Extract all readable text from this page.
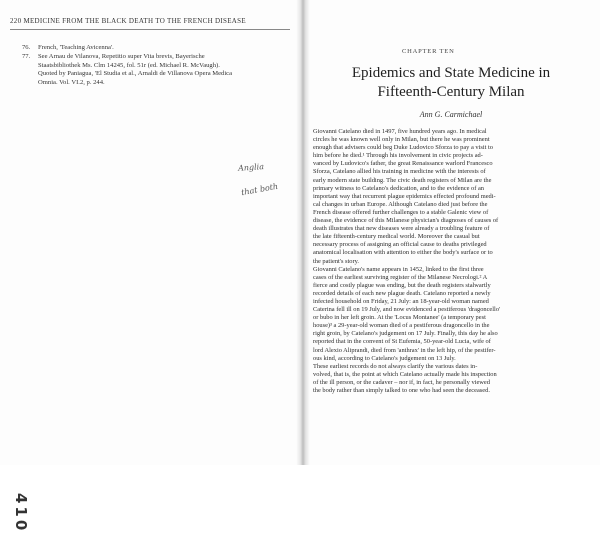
220 MEDICINE FROM THE BLACK DEATH TO THE FRENCH DISEASE
76. French, 'Teaching Avicenna'.
77. See Arnau de Vilanova, Repetitio super Vita brevis, Bayerische
Staatsbibliothek Ms. Clm 14245, fol. 51r (ed. Michael R. McVaugh).
Quoted by Paniagua, 'El Studia et al., Arnaldi de Villanova Opera Medica
Omnia. Vol. VI.2, p. 244.
Anglia
that both
410
CHAPTER TEN
Epidemics and State Medicine in
Fifteenth-Century Milan
Ann G. Carmichael
Giovanni Catelano died in 1497, five hundred years ago. In medical
circles he was known well only in Milan, but there he was prominent
enough that advisers could beg Duke Ludovico Sforza to pay a visit to
him before he died.¹ Through his involvement in civic projects ad-
vanced by Ludovico's father, the great Renaissance warlord Francesco
Sforza, Catelano allied his training in medicine with the interests of
early modern state building. The civic death registers of Milan are the
primary witness to Catelano's dedication, and to the evidence of an
important way that recurrent plague epidemics effected profound medi-
cal changes in urban Europe. Although Catelano died just before the
French disease offered further challenges to a stable Galenic view of
disease, the evidence of this Milanese physician's diagnoses of causes of
death illustrates that new diseases were already a troubling feature of
the late fifteenth-century medical world. Moreover the casual but
necessary process of assigning an official cause to deaths privileged
anatomical localisation with attention to either the body's surface or to
the patient's story.
Giovanni Catelano's name appears in 1452, linked to the first three
cases of the earliest surviving register of the Milanese Necrologi.² A
fierce and costly plague was ending, but the death registers stalwartly
recorded details of each new plague death. Catelano reported a newly
infected household on Friday, 21 July: an 18-year-old woman named
Caterina fell ill on 19 July, and now evidenced a pestiferous 'dragoncello'
or bubo in her left groin. At the 'Locus Montanee' (a temporary pest
house)³ a 29-year-old woman died of a pestiferous dragoncello in the
right groin, by Catelano's judgement on 17 July. Finally, this day he also
reported that in the convent of St Eufemia, 50-year-old Lucia, wife of
lord Alexio Aliprandi, died from 'anthrax' in the left hip, of the pestifer-
ous kind, according to Catelano's judgement on 13 July.
These earliest records do not always clarify the various dates in-
volved, that is, the point at which Catelano actually made his inspection
of the ill person, or the cadaver – nor if, in fact, he personally viewed
the body rather than simply talked to one who had seen the deceased.
